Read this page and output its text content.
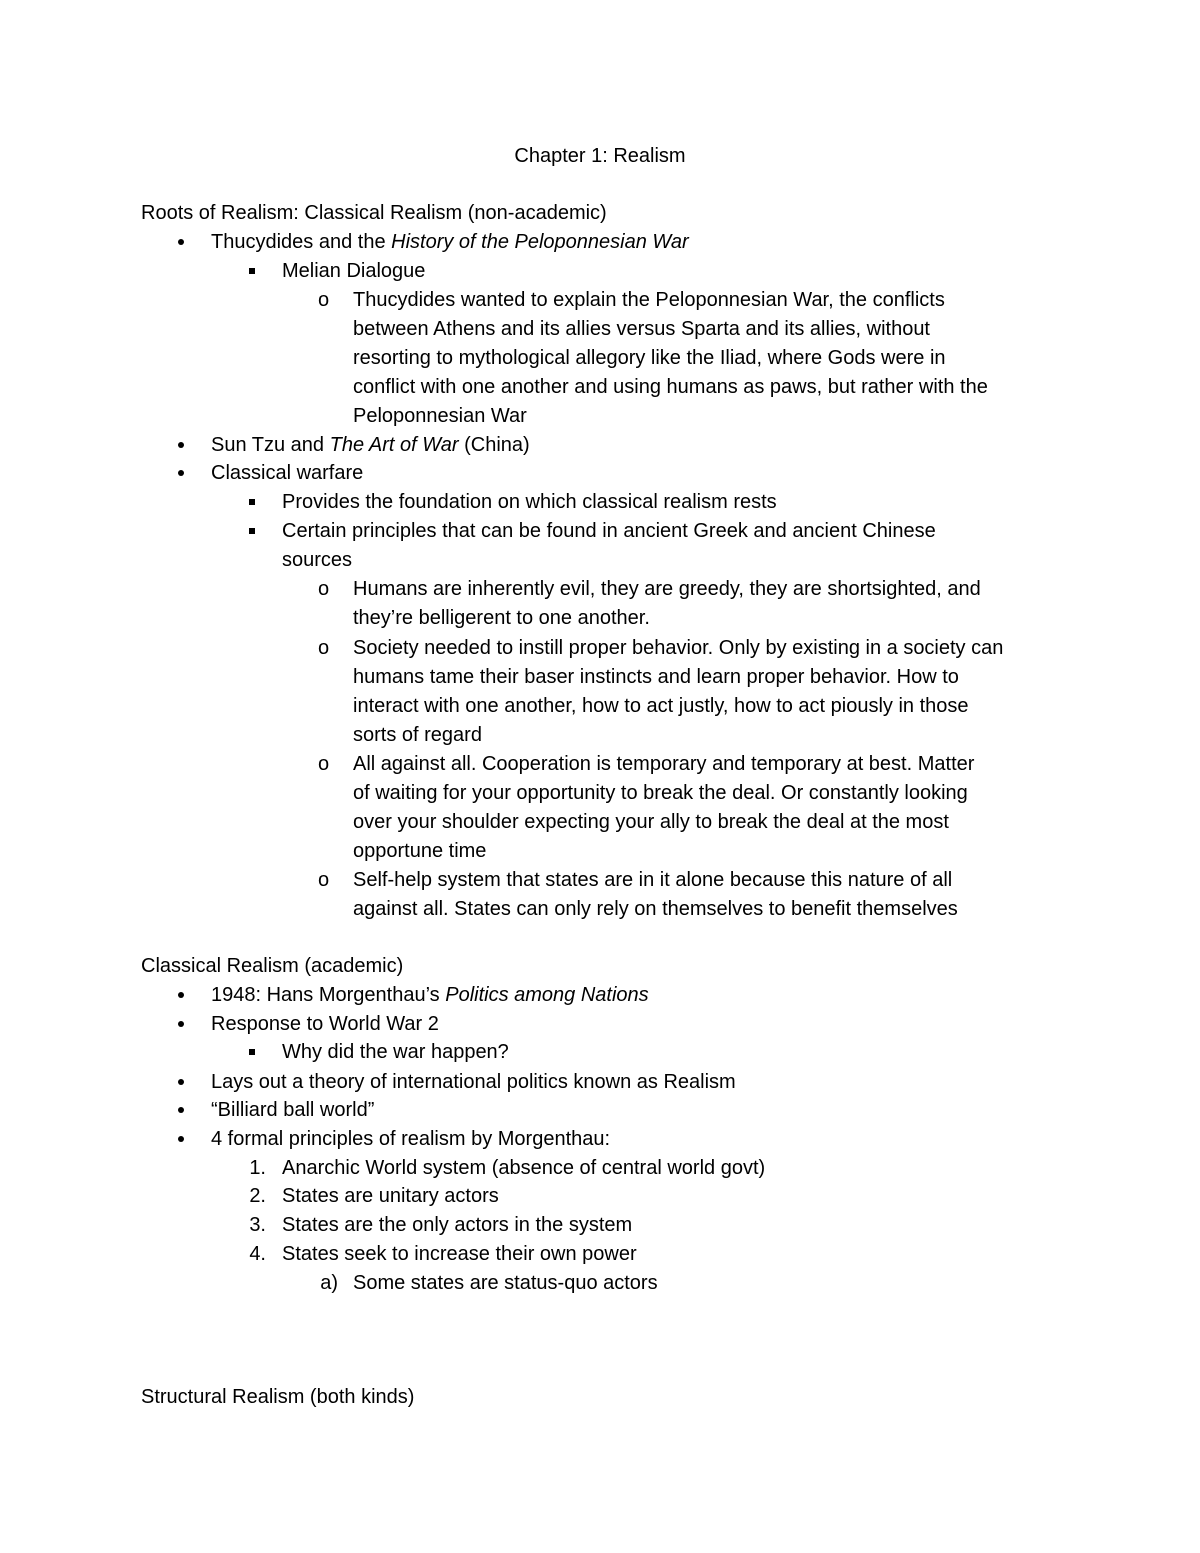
Chapter 1: Realism
Roots of Realism: Classical Realism (non-academic)
Thucydides and the History of the Peloponnesian War
Melian Dialogue
o Thucydides wanted to explain the Peloponnesian War, the conflicts
between Athens and its allies versus Sparta and its allies, without
resorting to mythological allegory like the Iliad, where Gods were in
conflict with one another and using humans as paws, but rather with the
Peloponnesian War
Sun Tzu and The Art of War (China)
Classical warfare
Provides the foundation on which classical realism rests
Certain principles that can be found in ancient Greek and ancient Chinese
sources
o Humans are inherently evil, they are greedy, they are shortsighted, and
they’re belligerent to one another.
o Society needed to instill proper behavior. Only by existing in a society can
humans tame their baser instincts and learn proper behavior. How to
interact with one another, how to act justly, how to act piously in those
sorts of regard
o All against all. Cooperation is temporary and temporary at best. Matter
of waiting for your opportunity to break the deal. Or constantly looking
over your shoulder expecting your ally to break the deal at the most
opportune time
o Self-help system that states are in it alone because this nature of all
against all. States can only rely on themselves to benefit themselves
Classical Realism (academic)
1948: Hans Morgenthau’s Politics among Nations
Response to World War 2
Why did the war happen?
Lays out a theory of international politics known as Realism
“Billiard ball world”
4 formal principles of realism by Morgenthau:
1. Anarchic World system (absence of central world govt)
2. States are unitary actors
3. States are the only actors in the system
4. States seek to increase their own power
a) Some states are status-quo actors
Structural Realism (both kinds)
